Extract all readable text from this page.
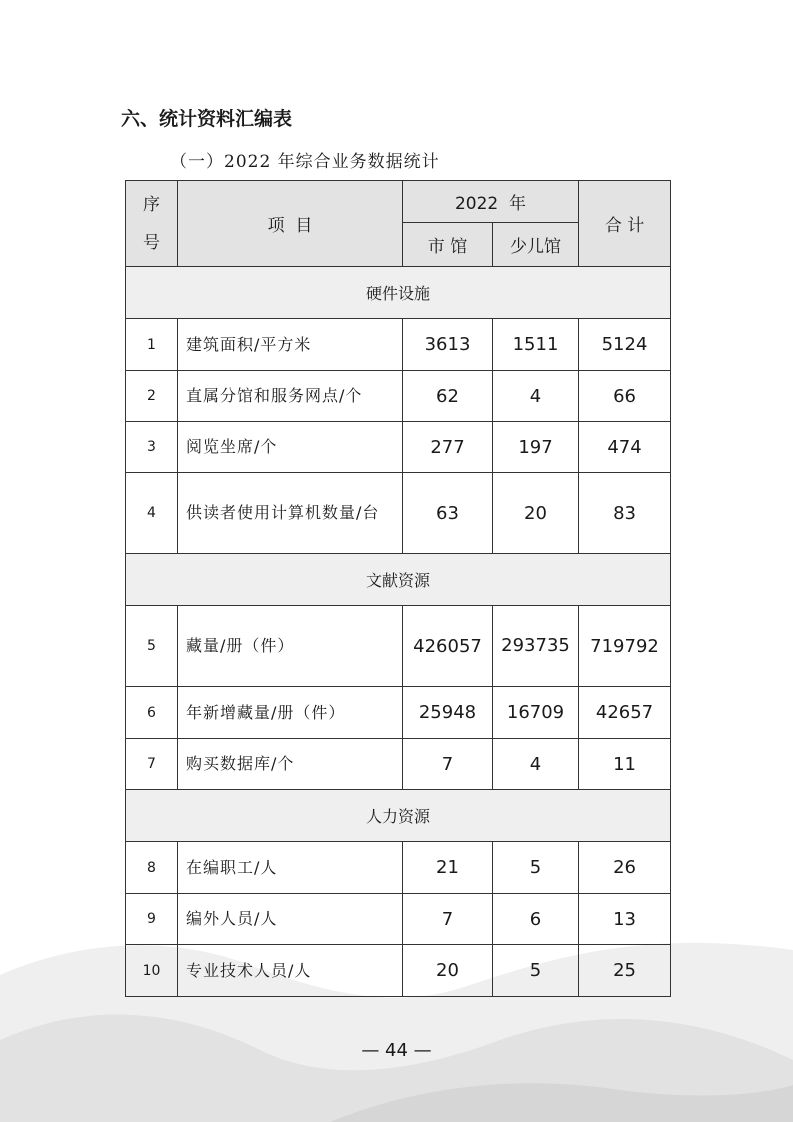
六、统计资料汇编表
（一）2022 年综合业务数据统计
序
号	项  目	2022  年		合 计
		市 馆	少儿馆	
硬件设施				
1	建筑面积/平方米	3613	1511	5124
2	直属分馆和服务网点/个	62	4	66
3	阅览坐席/个	277	197	474
4	供读者使用计算机数量/台	63	20	83
文献资源				
5	藏量/册（件）	426057	293735	719792
6	年新增藏量/册（件）	25948	16709	42657
7	购买数据库/个	7	4	11
人力资源				
8	在编职工/人	21	5	26
9	编外人员/人	7	6	13
10	专业技术人员/人	20	5	25
— 44 —
